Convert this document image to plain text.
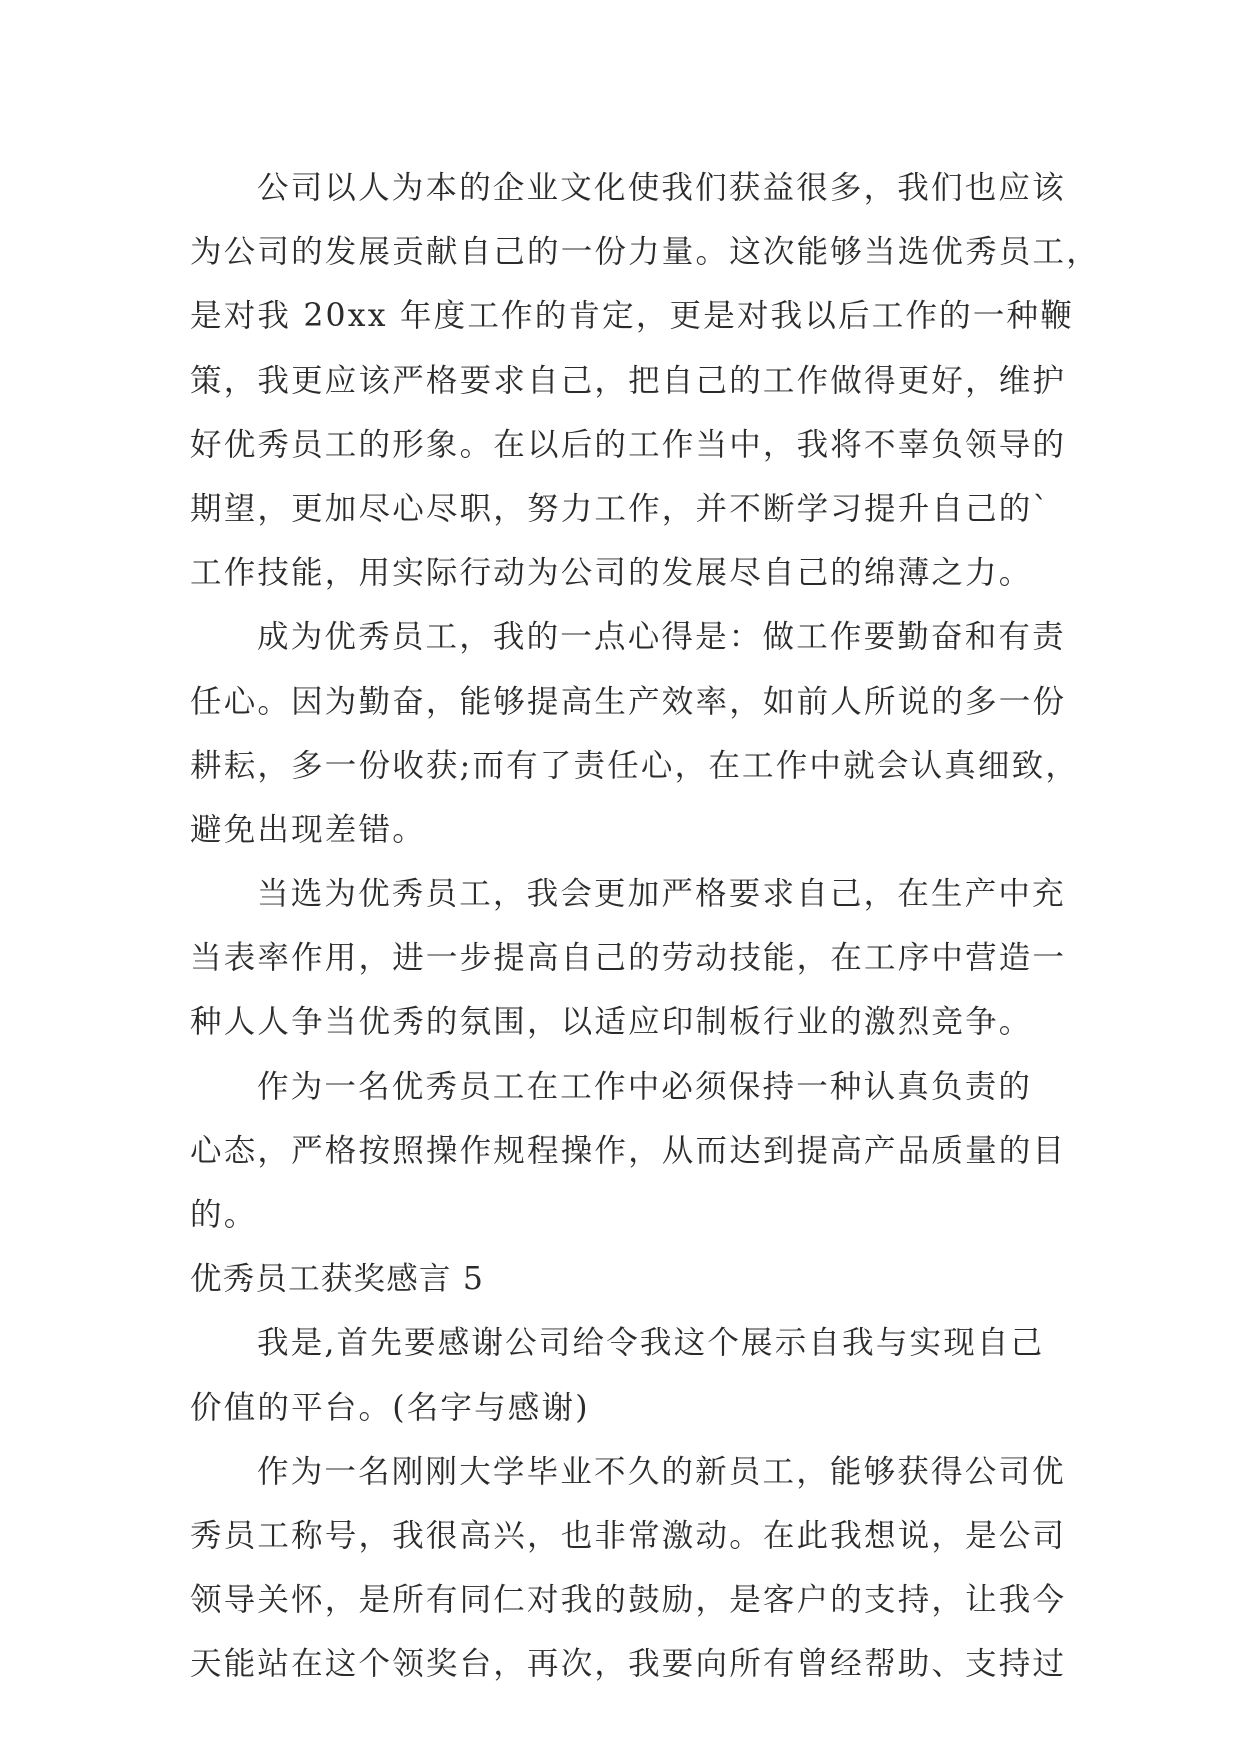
公司以人为本的企业文化使我们获益很多，我们也应该
为公司的发展贡献自己的一份力量。这次能够当选优秀员工，
是对我 20xx 年度工作的肯定，更是对我以后工作的一种鞭
策，我更应该严格要求自己，把自己的工作做得更好，维护
好优秀员工的形象。在以后的工作当中，我将不辜负领导的
期望，更加尽心尽职，努力工作，并不断学习提升自己的`
工作技能，用实际行动为公司的发展尽自己的绵薄之力。
成为优秀员工，我的一点心得是：做工作要勤奋和有责
任心。因为勤奋，能够提高生产效率，如前人所说的多一份
耕耘，多一份收获;而有了责任心，在工作中就会认真细致，
避免出现差错。
当选为优秀员工，我会更加严格要求自己，在生产中充
当表率作用，进一步提高自己的劳动技能，在工序中营造一
种人人争当优秀的氛围，以适应印制板行业的激烈竞争。
作为一名优秀员工在工作中必须保持一种认真负责的
心态，严格按照操作规程操作，从而达到提高产品质量的目
的。
优秀员工获奖感言 5
我是,首先要感谢公司给令我这个展示自我与实现自己
价值的平台。(名字与感谢)
作为一名刚刚大学毕业不久的新员工，能够获得公司优
秀员工称号，我很高兴，也非常激动。在此我想说，是公司
领导关怀，是所有同仁对我的鼓励，是客户的支持，让我今
天能站在这个领奖台，再次，我要向所有曾经帮助、支持过
